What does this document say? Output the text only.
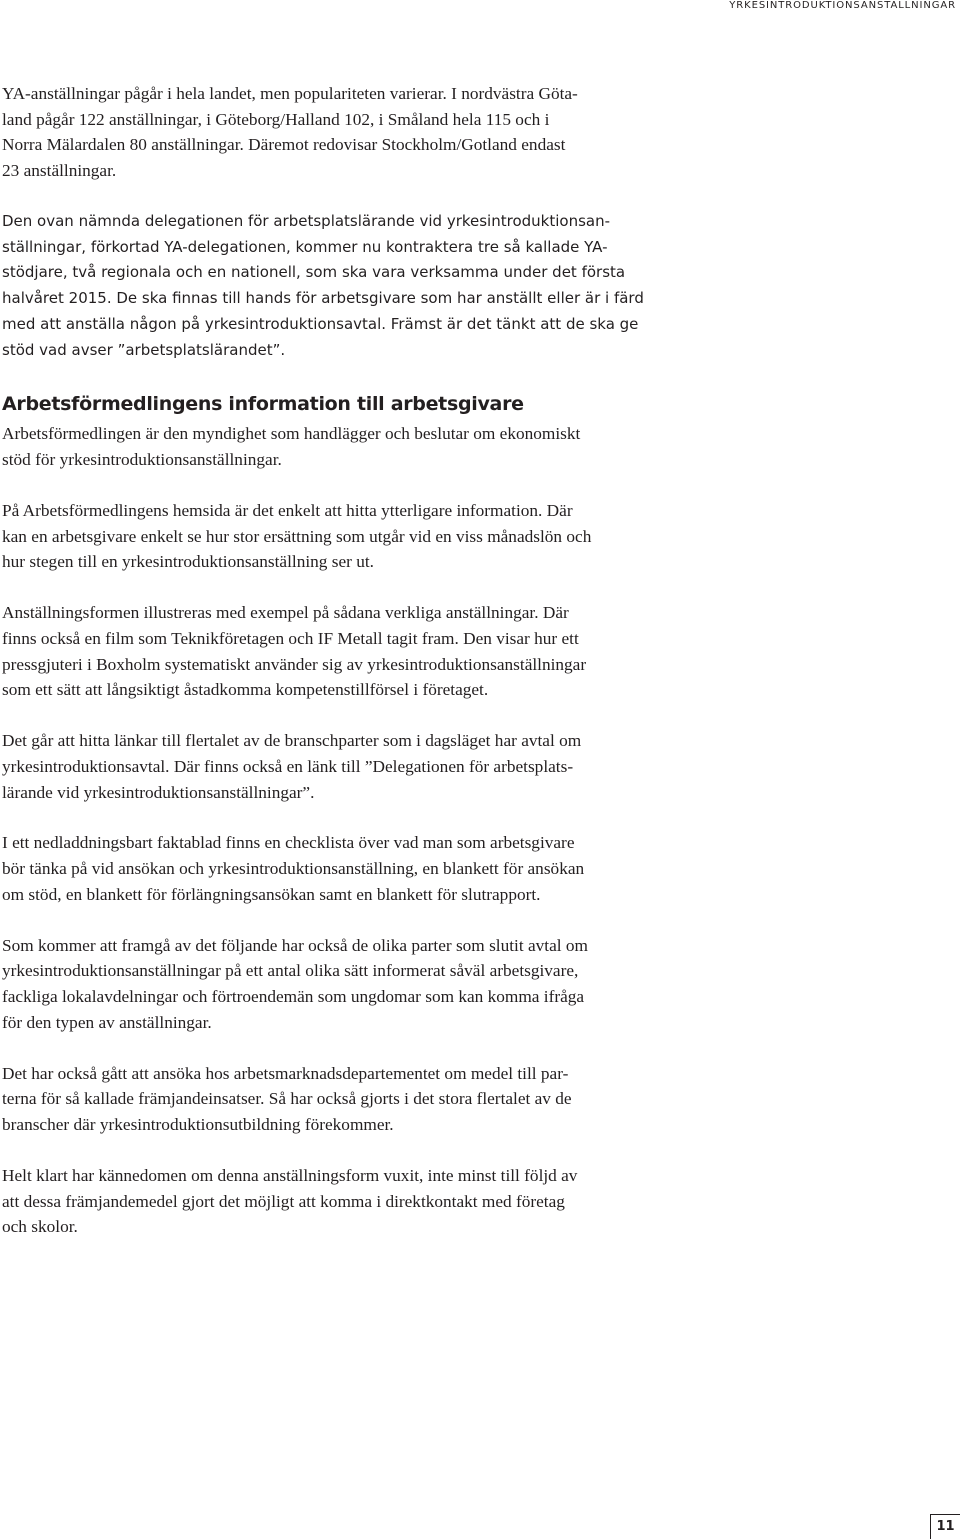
YRKESINTRODUKTIONSANSTÄLLNINGAR

YA-anställningar pågår i hela landet, men populariteten varierar. I nordvästra Göta-
land pågår 122 anställningar, i Göteborg/Halland 102, i Småland hela 115 och i
Norra Mälardalen 80 anställningar. Däremot redovisar Stockholm/Gotland endast
23 anställningar.

Den ovan nämnda delegationen för arbetsplatslärande vid yrkesintroduktionsan-
ställningar, förkortad YA-delegationen, kommer nu kontraktera tre så kallade YA-
stödjare, två regionala och en nationell, som ska vara verksamma under det första
halvåret 2015. De ska finnas till hands för arbetsgivare som har anställt eller är i färd
med att anställa någon på yrkesintroduktionsavtal. Främst är det tänkt att de ska ge
stöd vad avser ”arbetsplatslärandet”.

Arbetsförmedlingens information till arbetsgivare

Arbetsförmedlingen är den myndighet som handlägger och beslutar om ekonomiskt
stöd för yrkesintroduktionsanställningar.

På Arbetsförmedlingens hemsida är det enkelt att hitta ytterligare information. Där
kan en arbetsgivare enkelt se hur stor ersättning som utgår vid en viss månadslön och
hur stegen till en yrkesintroduktionsanställning ser ut.

Anställningsformen illustreras med exempel på sådana verkliga anställningar. Där
finns också en film som Teknikföretagen och IF Metall tagit fram. Den visar hur ett
pressgjuteri i Boxholm systematiskt använder sig av yrkesintroduktionsanställningar
som ett sätt att långsiktigt åstadkomma kompetenstillförsel i företaget.

Det går att hitta länkar till flertalet av de branschparter som i dagsläget har avtal om
yrkesintroduktionsavtal. Där finns också en länk till ”Delegationen för arbetsplats-
lärande vid yrkesintroduktionsanställningar”.

I ett nedladdningsbart faktablad finns en checklista över vad man som arbetsgivare
bör tänka på vid ansökan och yrkesintroduktionsanställning, en blankett för ansökan
om stöd, en blankett för förlängningsansökan samt en blankett för slutrapport.

Som kommer att framgå av det följande har också de olika parter som slutit avtal om
yrkesintroduktionsanställningar på ett antal olika sätt informerat såväl arbetsgivare,
fackliga lokalavdelningar och förtroendemän som ungdomar som kan komma ifråga
för den typen av anställningar.

Det har också gått att ansöka hos arbetsmarknadsdepartementet om medel till par-
terna för så kallade främjandeinsatser. Så har också gjorts i det stora flertalet av de
branscher där yrkesintroduktionsutbildning förekommer.

Helt klart har kännedomen om denna anställningsform vuxit, inte minst till följd av
att dessa främjandemedel gjort det möjligt att komma i direktkontakt med företag
och skolor.

11
